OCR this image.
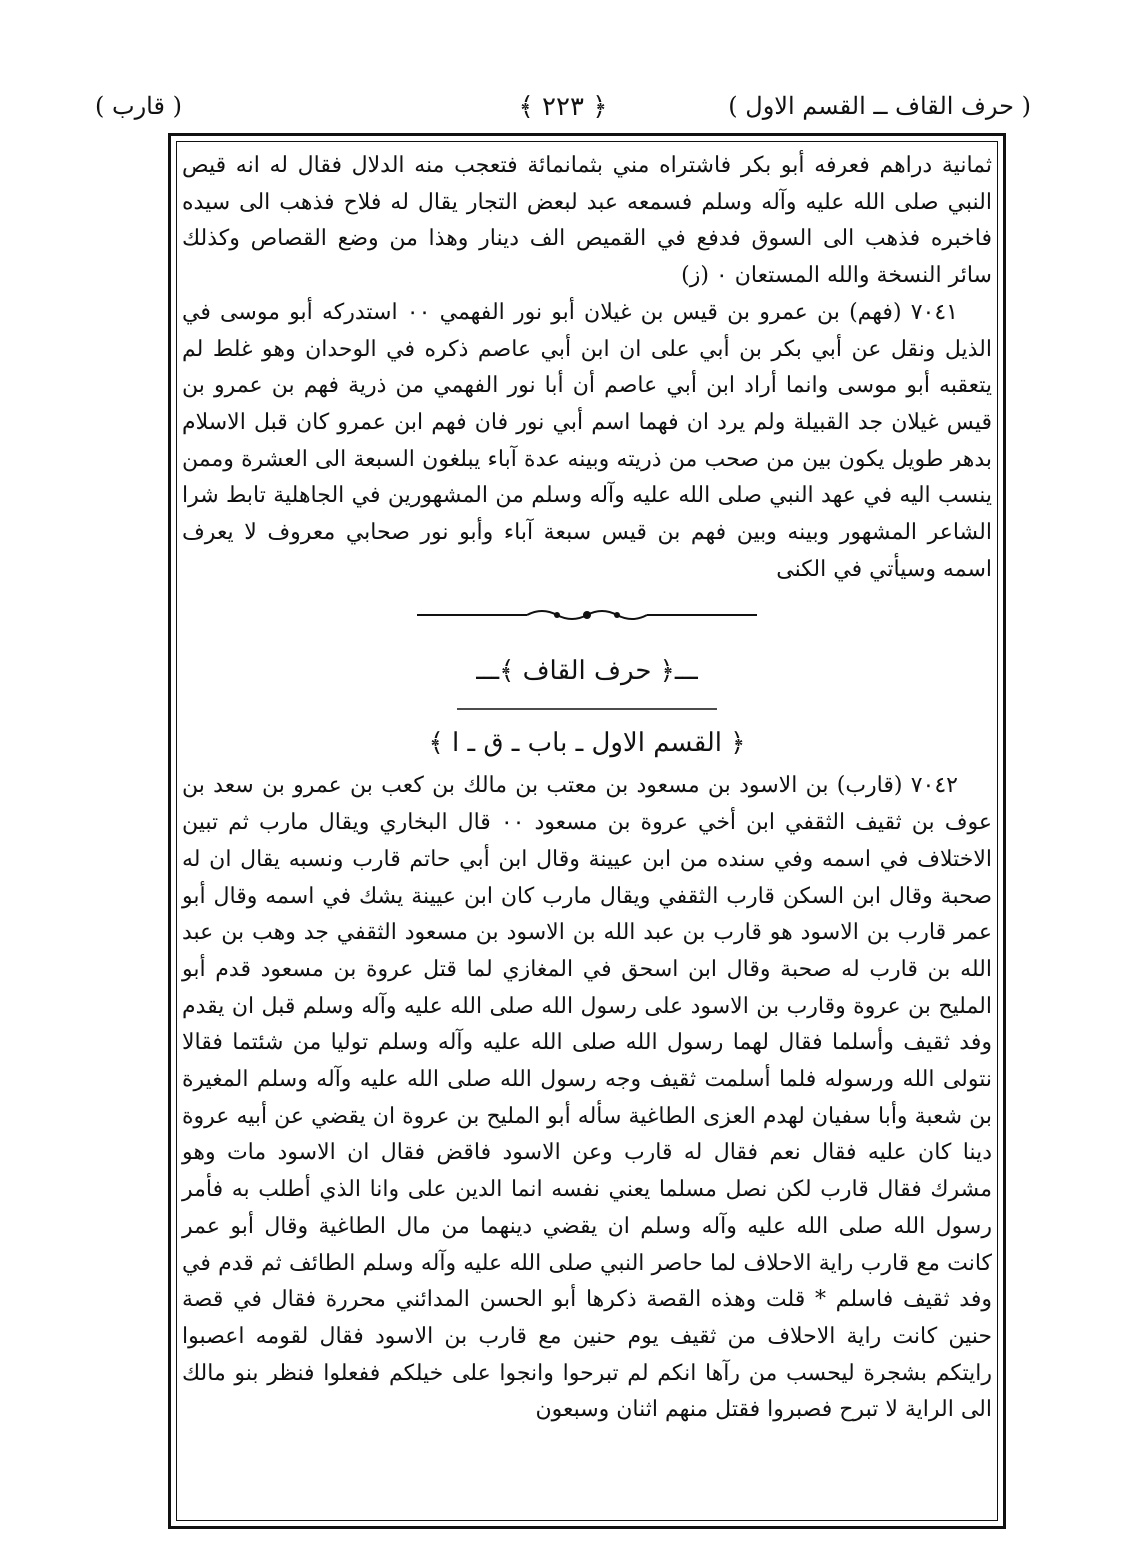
( حرف القاف ــ القسم الاول )
﴿ ٢٢٣ ﴾
( قارب )

ثمانية دراهم فعرفه أبو بكر فاشتراه مني بثمانمائة فتعجب منه الدلال فقال له انه قيص النبي صلى الله عليه وآله وسلم فسمعه عبد لبعض التجار يقال له فلاح فذهب الى سيده فاخبره فذهب الى السوق فدفع في القميص الف دينار وهذا من وضع القصاص وكذلك سائر النسخة والله المستعان ٠ (ز)

٧٠٤١ (فهم) بن عمرو بن قيس بن غيلان أبو نور الفهمي ٠٠ استدركه أبو موسى في الذيل ونقل عن أبي بكر بن أبي على ان ابن أبي عاصم ذكره في الوحدان وهو غلط لم يتعقبه أبو موسى وانما أراد ابن أبي عاصم أن أبا نور الفهمي من ذرية فهم بن عمرو بن قيس غيلان جد القبيلة ولم يرد ان فهما اسم أبي نور فان فهم ابن عمرو كان قبل الاسلام بدهر طويل يكون بين من صحب من ذريته وبينه عدة آباء يبلغون السبعة الى العشرة وممن ينسب اليه في عهد النبي صلى الله عليه وآله وسلم من المشهورين في الجاهلية تابط شرا الشاعر المشهور وبينه وبين فهم بن قيس سبعة آباء وأبو نور صحابي معروف لا يعرف اسمه وسيأتي في الكنى

ـــ﴿ حرف القاف ﴾ـــ
﴿ القسم الاول ـ باب ـ ق ـ ا ﴾

٧٠٤٢ (قارب) بن الاسود بن مسعود بن معتب بن مالك بن كعب بن عمرو بن سعد بن عوف بن ثقيف الثقفي ابن أخي عروة بن مسعود ٠٠ قال البخاري ويقال مارب ثم تبين الاختلاف في اسمه وفي سنده من ابن عيينة وقال ابن أبي حاتم قارب ونسبه يقال ان له صحبة وقال ابن السكن قارب الثقفي ويقال مارب كان ابن عيينة يشك في اسمه وقال أبو عمر قارب بن الاسود هو قارب بن عبد الله بن الاسود بن مسعود الثقفي جد وهب بن عبد الله بن قارب له صحبة وقال ابن اسحق في المغازي لما قتل عروة بن مسعود قدم أبو المليح بن عروة وقارب بن الاسود على رسول الله صلى الله عليه وآله وسلم قبل ان يقدم وفد ثقيف وأسلما فقال لهما رسول الله صلى الله عليه وآله وسلم توليا من شئتما فقالا نتولى الله ورسوله فلما أسلمت ثقيف وجه رسول الله صلى الله عليه وآله وسلم المغيرة بن شعبة وأبا سفيان لهدم العزى الطاغية سأله أبو المليح بن عروة ان يقضي عن أبيه عروة دينا كان عليه فقال نعم فقال له قارب وعن الاسود فاقض فقال ان الاسود مات وهو مشرك فقال قارب لكن نصل مسلما يعني نفسه انما الدين على وانا الذي أطلب به فأمر رسول الله صلى الله عليه وآله وسلم ان يقضي دينهما من مال الطاغية وقال أبو عمر كانت مع قارب راية الاحلاف لما حاصر النبي صلى الله عليه وآله وسلم الطائف ثم قدم في وفد ثقيف فاسلم * قلت وهذه القصة ذكرها أبو الحسن المدائني محررة فقال في قصة حنين كانت راية الاحلاف من ثقيف يوم حنين مع قارب بن الاسود فقال لقومه اعصبوا رايتكم بشجرة ليحسب من رآها انكم لم تبرحوا وانجوا على خيلكم ففعلوا فنظر بنو مالك الى الراية لا تبرح فصبروا فقتل منهم اثنان وسبعون
